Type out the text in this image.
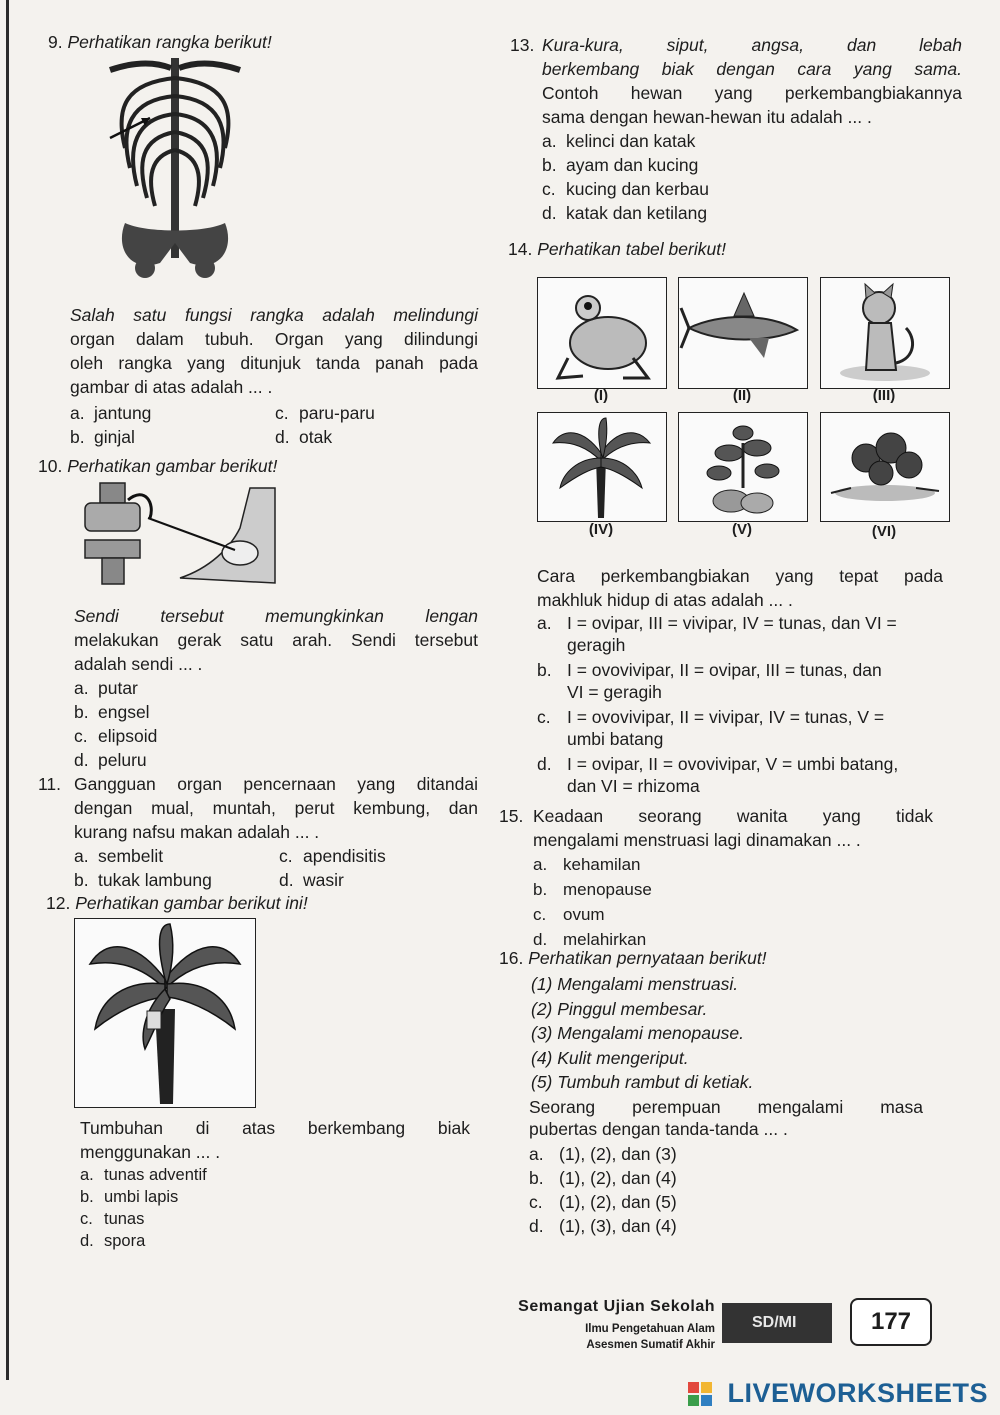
9. Perhatikan rangka berikut!
Salah satu fungsi rangka adalah melindungi
organ dalam tubuh. Organ yang dilindungi
oleh rangka yang ditunjuk tanda panah pada
gambar di atas adalah ... .
a. jantung	c. paru-paru
b. ginjal	d. otak
10. Perhatikan gambar berikut!
Sendi tersebut memungkinkan lengan
melakukan gerak satu arah. Sendi tersebut
adalah sendi ... .
a. putar
b. engsel
c. elipsoid
d. peluru
11. Gangguan organ pencernaan yang ditandai
dengan mual, muntah, perut kembung, dan
kurang nafsu makan adalah ... .
a. sembelit	c. apendisitis
b. tukak lambung	d. wasir
12. Perhatikan gambar berikut ini!
Tumbuhan di atas berkembang biak
menggunakan ... .
a. tunas adventif
b. umbi lapis
c. tunas
d. spora
13. Kura-kura, siput, angsa, dan lebah
berkembang biak dengan cara yang sama.
Contoh hewan yang perkembangbiakannya
sama dengan hewan-hewan itu adalah ... .
a. kelinci dan katak
b. ayam dan kucing
c. kucing dan kerbau
d. katak dan ketilang
14. Perhatikan tabel berikut!
(I)	(II)	(III)
(IV)	(V)	(VI)
Cara perkembangbiakan yang tepat pada
makhluk hidup di atas adalah ... .
a. I = ovipar, III = vivipar, IV = tunas, dan VI =
geragih
b. I = ovovivipar, II = ovipar, III = tunas, dan
VI = geragih
c. I = ovovivipar, II = vivipar, IV = tunas, V =
umbi batang
d. I = ovipar, II = ovovivipar, V = umbi batang,
dan VI = rhizoma
15. Keadaan seorang wanita yang tidak
mengalami menstruasi lagi dinamakan ... .
a. kehamilan
b. menopause
c. ovum
d. melahirkan
16. Perhatikan pernyataan berikut!
(1) Mengalami menstruasi.
(2) Pinggul membesar.
(3) Mengalami menopause.
(4) Kulit mengeriput.
(5) Tumbuh rambut di ketiak.
Seorang perempuan mengalami masa
pubertas dengan tanda-tanda ... .
a. (1), (2), dan (3)
b. (1), (2), dan (4)
c. (1), (2), dan (5)
d. (1), (3), dan (4)
Semangat Ujian Sekolah
Ilmu Pengetahuan Alam
Asesmen Sumatif Akhir
SD/MI	177
LIVEWORKSHEETS
